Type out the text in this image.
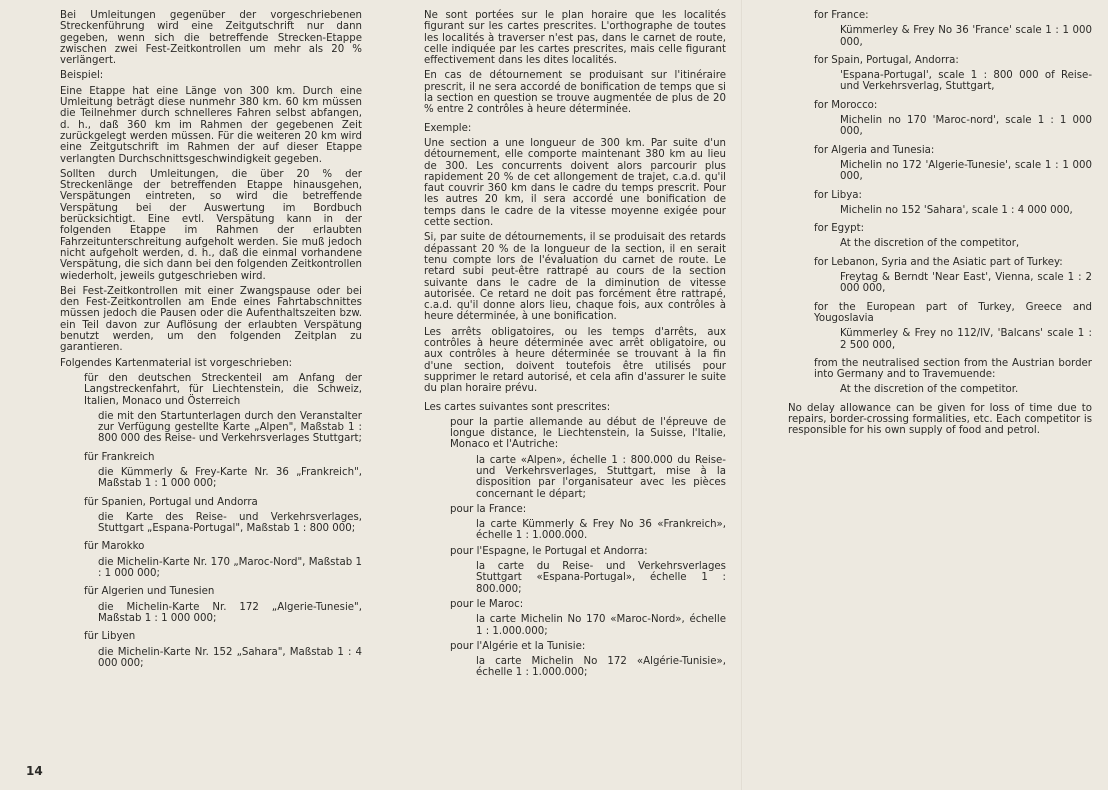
Bei Umleitungen gegenüber der vorgeschriebenen Streckenführung wird eine Zeitgutschrift nur dann gegeben, wenn sich die betreffende Strecken-Etappe zwischen zwei Fest-Zeitkontrollen um mehr als 20 % verlängert.

Beispiel:

Eine Etappe hat eine Länge von 300 km. Durch eine Umleitung beträgt diese nunmehr 380 km. 60 km müssen die Teilnehmer durch schnelleres Fahren selbst abfangen, d. h., daß 360 km im Rahmen der gegebenen Zeit zurückgelegt werden müssen. Für die weiteren 20 km wird eine Zeitgutschrift im Rahmen der auf dieser Etappe verlangten Durchschnittsgeschwindigkeit gegeben.

Sollten durch Umleitungen, die über 20 % der Streckenlänge der betreffenden Etappe hinausgehen, Verspätungen eintreten, so wird die betreffende Verspätung bei der Auswertung im Bordbuch berücksichtigt. Eine evtl. Verspätung kann in der folgenden Etappe im Rahmen der erlaubten Fahrzeitunterschreitung aufgeholt werden. Sie muß jedoch nicht aufgeholt werden, d. h., daß die einmal vorhandene Verspätung, die sich dann bei den folgenden Zeitkontrollen wiederholt, jeweils gutgeschrieben wird.

Bei Fest-Zeitkontrollen mit einer Zwangspause oder bei den Fest-Zeitkontrollen am Ende eines Fahrtabschnittes müssen jedoch die Pausen oder die Aufenthaltszeiten bzw. ein Teil davon zur Auflösung der erlaubten Verspätung benutzt werden, um den folgenden Zeitplan zu garantieren.

Folgendes Kartenmaterial ist vorgeschrieben:

für den deutschen Streckenteil am Anfang der Langstreckenfahrt, für Liechtenstein, die Schweiz, Italien, Monaco und Österreich

die mit den Startunterlagen durch den Veranstalter zur Verfügung gestellte Karte „Alpen", Maßstab 1 : 800 000 des Reise- und Verkehrsverlages Stuttgart;

für Frankreich

die Kümmerly & Frey-Karte Nr. 36 „Frankreich", Maßstab 1 : 1 000 000;

für Spanien, Portugal und Andorra

die Karte des Reise- und Verkehrsverlages, Stuttgart „Espana-Portugal", Maßstab 1 : 800 000;

für Marokko

die Michelin-Karte Nr. 170 „Maroc-Nord", Maßstab 1 : 1 000 000;

für Algerien und Tunesien

die Michelin-Karte Nr. 172 „Algerie-Tunesie", Maßstab 1 : 1 000 000;

für Libyen

die Michelin-Karte Nr. 152 „Sahara", Maßstab 1 : 4 000 000;

Ne sont portées sur le plan horaire que les localités figurant sur les cartes prescrites. L'orthographe de toutes les localités à traverser n'est pas, dans le carnet de route, celle indiquée par les cartes prescrites, mais celle figurant effectivement dans les dites localités.

En cas de détournement se produisant sur l'itinéraire prescrit, il ne sera accordé de bonification de temps que si la section en question se trouve augmentée de plus de 20 % entre 2 contrôles à heure déterminée.

Exemple:

Une section a une longueur de 300 km. Par suite d'un détournement, elle comporte maintenant 380 km au lieu de 300. Les concurrents doivent alors parcourir plus rapidement 20 % de cet allongement de trajet, c.a.d. qu'il faut couvrir 360 km dans le cadre du temps prescrit. Pour les autres 20 km, il sera accordé une bonification de temps dans le cadre de la vitesse moyenne exigée pour cette section.

Si, par suite de détournements, il se produisait des retards dépassant 20 % de la longueur de la section, il en serait tenu compte lors de l'évaluation du carnet de route. Le retard subi peut-être rattrapé au cours de la section suivante dans le cadre de la diminution de vitesse autorisée. Ce retard ne doit pas forcément être rattrapé, c.a.d. qu'il donne alors lieu, chaque fois, aux contrôles à heure déterminée, à une bonification.

Les arrêts obligatoires, ou les temps d'arrêts, aux contrôles à heure déterminée avec arrêt obligatoire, ou aux contrôles à heure déterminée se trouvant à la fin d'une section, doivent toutefois être utilisés pour supprimer le retard autorisé, et cela afin d'assurer le suite du plan horaire prévu.

Les cartes suivantes sont prescrites:

pour la partie allemande au début de l'épreuve de longue distance, le Liechtenstein, la Suisse, l'Italie, Monaco et l'Autriche:

la carte «Alpen», échelle 1 : 800.000 du Reise- und Verkehrsverlages, Stuttgart, mise à la disposition par l'organisateur avec les pièces concernant le départ;

pour la France:

la carte Kümmerly & Frey No 36 «Frankreich», échelle 1 : 1.000.000.

pour l'Espagne, le Portugal et Andorra:

la carte du Reise- und Verkehrsverlages Stuttgart «Espana-Portugal», échelle 1 : 800.000;

pour le Maroc:

la carte Michelin No 170 «Maroc-Nord», échelle 1 : 1.000.000;

pour l'Algérie et la Tunisie:

la carte Michelin No 172 «Algérie-Tunisie», échelle 1 : 1.000.000;

for France:

Kümmerley & Frey No 36 'France' scale 1 : 1 000 000,

for Spain, Portugal, Andorra:

'Espana-Portugal', scale 1 : 800 000 of Reise- und Verkehrsverlag, Stuttgart,

for Morocco:

Michelin no 170 'Maroc-nord', scale 1 : 1 000 000,

for Algeria and Tunesia:

Michelin no 172 'Algerie-Tunesie', scale 1 : 1 000 000,

for Libya:

Michelin no 152 'Sahara', scale 1 : 4 000 000,

for Egypt:

At the discretion of the competitor,

for Lebanon, Syria and the Asiatic part of Turkey:

Freytag & Berndt 'Near East', Vienna, scale 1 : 2 000 000,

for the European part of Turkey, Greece and Yougoslavia

Kümmerley & Frey no 112/IV, 'Balcans' scale 1 : 2 500 000,

from the neutralised section from the Austrian border into Germany and to Travemuende:

At the discretion of the competitor.

No delay allowance can be given for loss of time due to repairs, border-crossing formalities, etc. Each competitor is responsible for his own supply of food and petrol.

14
